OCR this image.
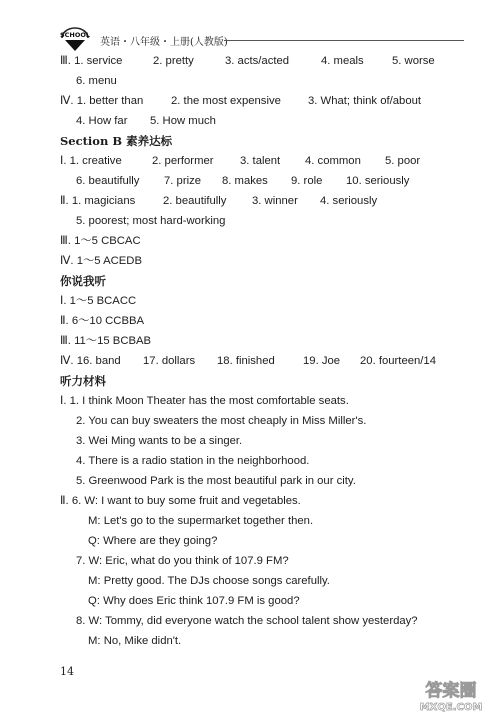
SCHOOL
英语・八年级・上册(人教版)
Ⅲ. 1. service	2. pretty	3. acts/acted	4. meals	5. worse
6. menu
Ⅳ. 1. better than 2. the most expensive 3. What; think of/about
4. How far 5. How much
Section B 素养达标
Ⅰ. 1. creative	2. performer 3. talent 4. common 5. poor
6. beautifully 7. prize 8. makes 9. role 10. seriously
Ⅱ. 1. magicians 2. beautifully 3. winner 4. seriously
5. poorest; most hard-working
Ⅲ. 1～5 CBCAC
Ⅳ. 1～5 ACEDB
你说我听
Ⅰ. 1～5 BCACC
Ⅱ. 6～10 CCBBA
Ⅲ. 11～15 BCBAB
Ⅳ. 16. band 17. dollars 18. finished 19. Joe 20. fourteen/14
听力材料
Ⅰ. 1. I think Moon Theater has the most comfortable seats.
2. You can buy sweaters the most cheaply in Miss Miller's.
3. Wei Ming wants to be a singer.
4. There is a radio station in the neighborhood.
5. Greenwood Park is the most beautiful park in our city.
Ⅱ. 6. W: I want to buy some fruit and vegetables.
M: Let's go to the supermarket together then.
Q: Where are they going?
7. W: Eric, what do you think of 107.9 FM?
M: Pretty good. The DJs choose songs carefully.
Q: Why does Eric think 107.9 FM is good?
8. W: Tommy, did everyone watch the school talent show yesterday?
M: No, Mike didn't.
14
答案圈
MXQE.COM
